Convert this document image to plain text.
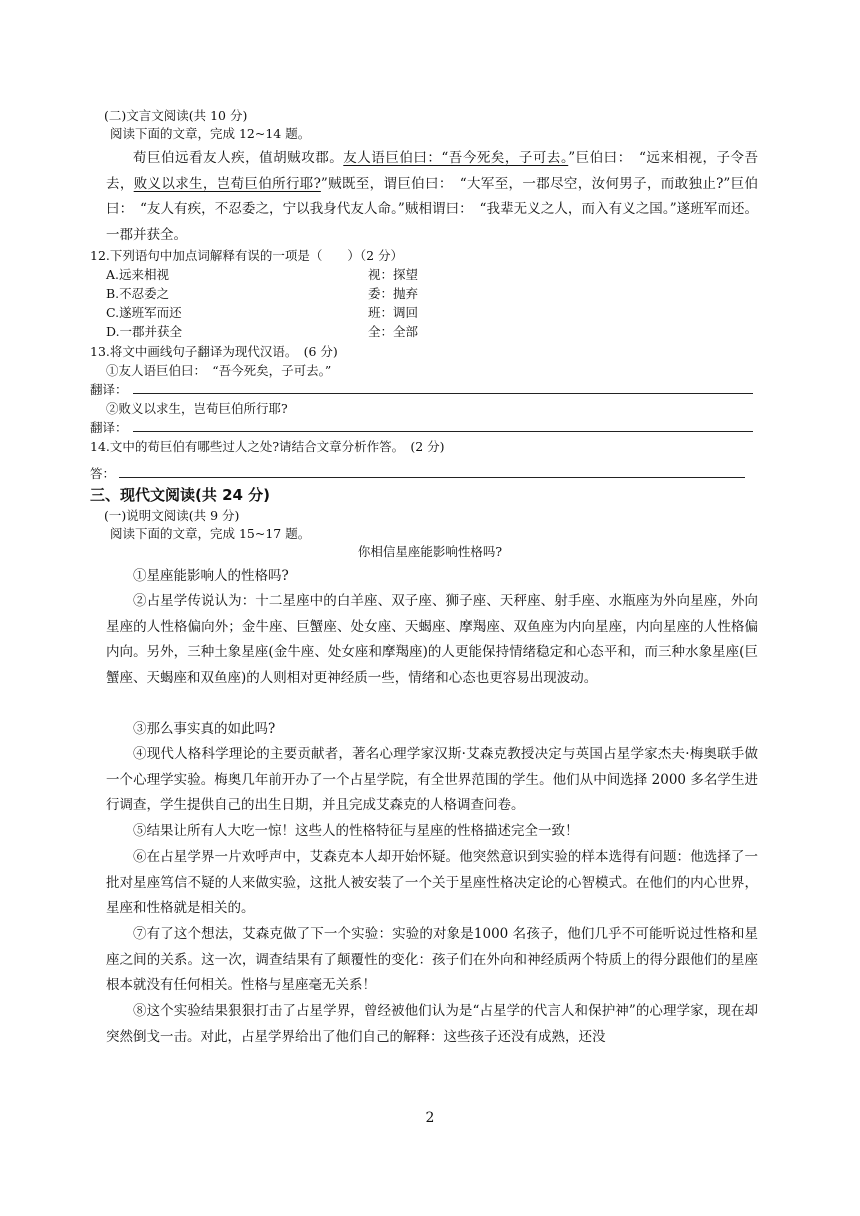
(二)文言文阅读(共 10 分)
阅读下面的文章，完成 12~14 题。
荀巨伯远看友人疾，值胡贼攻郡。友人语巨伯曰：“吾今死矣，子可去。”巨伯曰：　“远来相视，子令吾去，败义以求生，岂荀巨伯所行耶?”贼既至，谓巨伯曰：　“大军至，一郡尽空，汝何男子，而敢独止?”巨伯曰：　“友人有疾，不忍委之，宁以我身代友人命。”贼相谓曰：　“我辈无义之人，而入有义之国。”遂班军而还。一郡并获全。
12.下列语句中加点词解释有误的一项是（　　）（2 分）
A.远来相视	视：探望
B.不忍委之	委：抛弃
C.遂班军而还	班：调回
D.一郡并获全	全：全部
13.将文中画线句子翻译为现代汉语。　(6 分)
①友人语巨伯曰：　“吾今死矣，子可去。”
翻译：
②败义以求生，岂荀巨伯所行耶?
翻译：
14.文中的荀巨伯有哪些过人之处?请结合文章分析作答。　(2 分)
答：
三、现代文阅读(共 24 分)
(一)说明文阅读(共 9 分)
阅读下面的文章，完成 15~17 题。
你相信星座能影响性格吗?
①星座能影响人的性格吗?
②占星学传说认为：十二星座中的白羊座、双子座、狮子座、天秤座、射手座、水瓶座为外向星座，外向星座的人性格偏向外；金牛座、巨蟹座、处女座、天蝎座、摩羯座、双鱼座为内向星座，内向星座的人性格偏内向。另外，三种土象星座(金牛座、处女座和摩羯座)的人更能保持情绪稳定和心态平和，而三种水象星座(巨蟹座、天蝎座和双鱼座)的人则相对更神经质一些，情绪和心态也更容易出现波动。
③那么事实真的如此吗?
④现代人格科学理论的主要贡献者，著名心理学家汉斯·艾森克教授决定与英国占星学家杰夫·梅奥联手做一个心理学实验。梅奥几年前开办了一个占星学院，有全世界范围的学生。他们从中间选择 2000 多名学生进行调查，学生提供自己的出生日期，并且完成艾森克的人格调查问卷。
⑤结果让所有人大吃一惊！这些人的性格特征与星座的性格描述完全一致！
⑥在占星学界一片欢呼声中，艾森克本人却开始怀疑。他突然意识到实验的样本选得有问题：他选择了一批对星座笃信不疑的人来做实验，这批人被安装了一个关于星座性格决定论的心智模式。在他们的内心世界，星座和性格就是相关的。
⑦有了这个想法，艾森克做了下一个实验：实验的对象是1000 名孩子，他们几乎不可能听说过性格和星座之间的关系。这一次，调查结果有了颠覆性的变化：孩子们在外向和神经质两个特质上的得分跟他们的星座根本就没有任何相关。性格与星座毫无关系！
⑧这个实验结果狠狠打击了占星学界，曾经被他们认为是“占星学的代言人和保护神”的心理学家，现在却突然倒戈一击。对此，占星学界给出了他们自己的解释：这些孩子还没有成熟，还没
2
